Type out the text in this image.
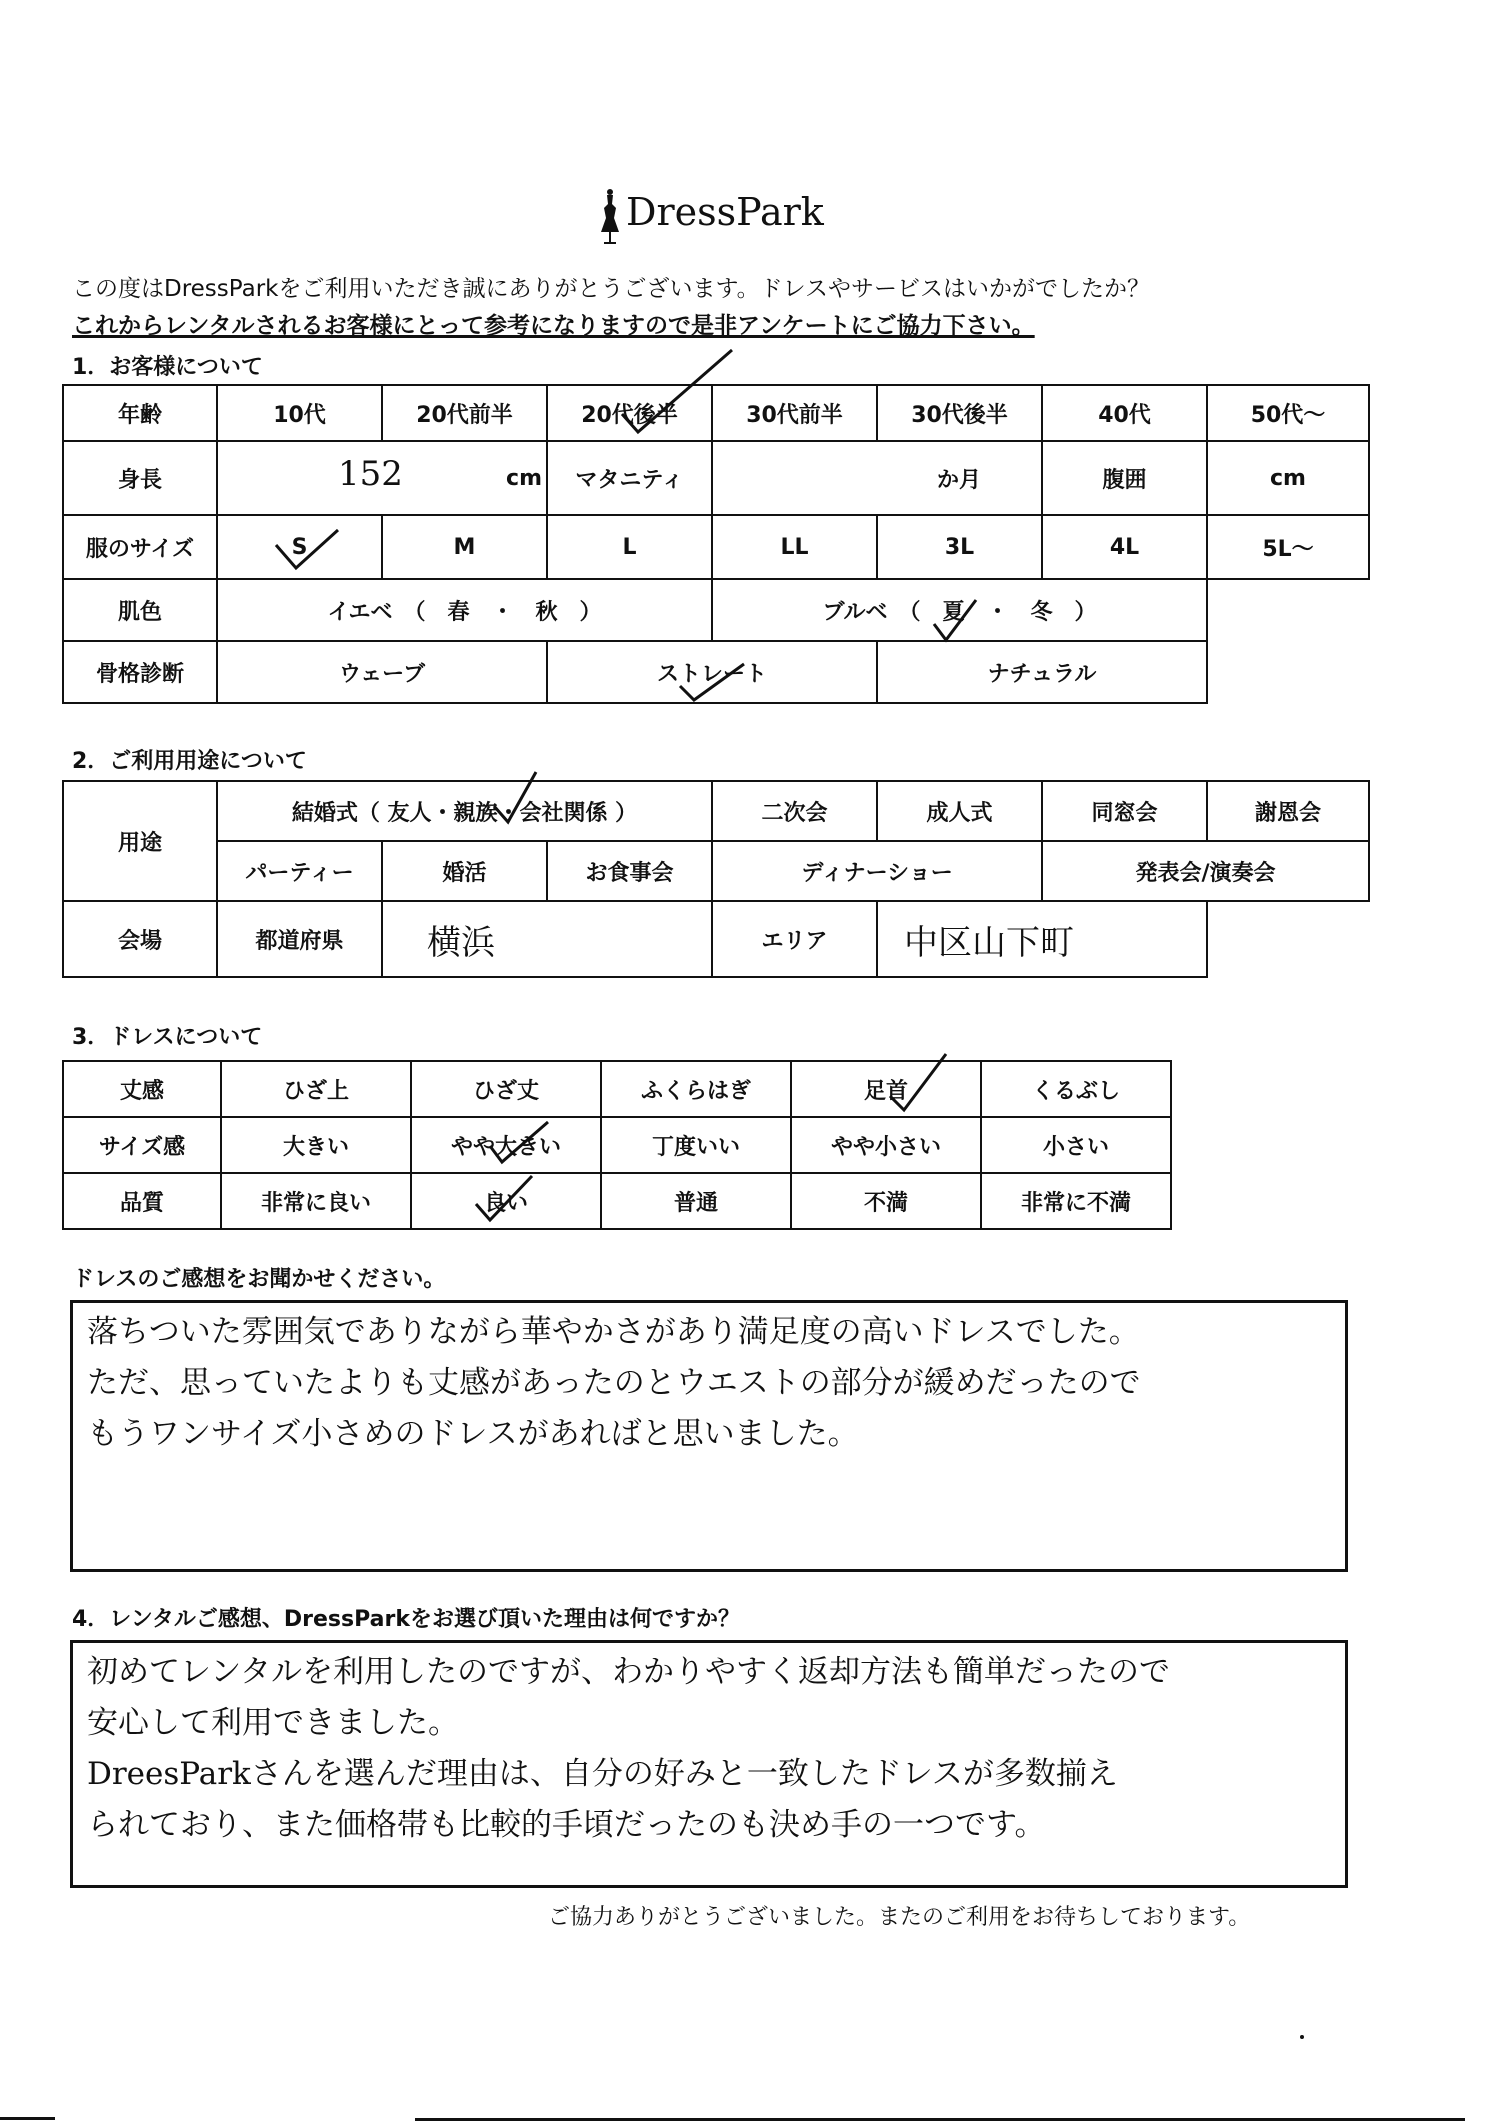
DressPark
この度はDressParkをご利用いただき誠にありがとうございます。ドレスやサービスはいかがでしたか？
これからレンタルされるお客様にとって参考になりますので是非アンケートにご協力下さい。
1．お客様について
年齢	10代	20代前半	20代後半	30代前半	30代後半	40代	50代～
身長	152 cm		マタニティ	か月		腹囲	cm
服のサイズ	S	M	L	LL	3L	4L	5L～
肌色	イエベ　（　春　・　秋　）			ブルベ　（　夏　・　冬　）			
骨格診断	ウェーブ		ストレート		ナチュラル		
2．ご利用用途について
用途	結婚式（ 友人・親族・会社関係 ）			二次会	成人式	同窓会	謝恩会
	パーティー	婚活	お食事会	ディナーショー		発表会/演奏会	
会場	都道府県	横浜		エリア	中区山下町		
3．ドレスについて
丈感	ひざ上	ひざ丈	ふくらはぎ	足首	くるぶし
サイズ感	大きい	やや大きい	丁度いい	やや小さい	小さい
品質	非常に良い	良い	普通	不満	非常に不満
ドレスのご感想をお聞かせください。
落ちついた雰囲気でありながら華やかさがあり満足度の高いドレスでした。
ただ、思っていたよりも丈感があったのとウエストの部分が緩めだったので
もうワンサイズ小さめのドレスがあればと思いました。
4．レンタルご感想、DressParkをお選び頂いた理由は何ですか？
初めてレンタルを利用したのですが、わかりやすく返却方法も簡単だったので
安心して利用できました。
DreesParkさんを選んだ理由は、自分の好みと一致したドレスが多数揃え
られており、また価格帯も比較的手頃だったのも決め手の一つです。
ご協力ありがとうございました。またのご利用をお待ちしております。
